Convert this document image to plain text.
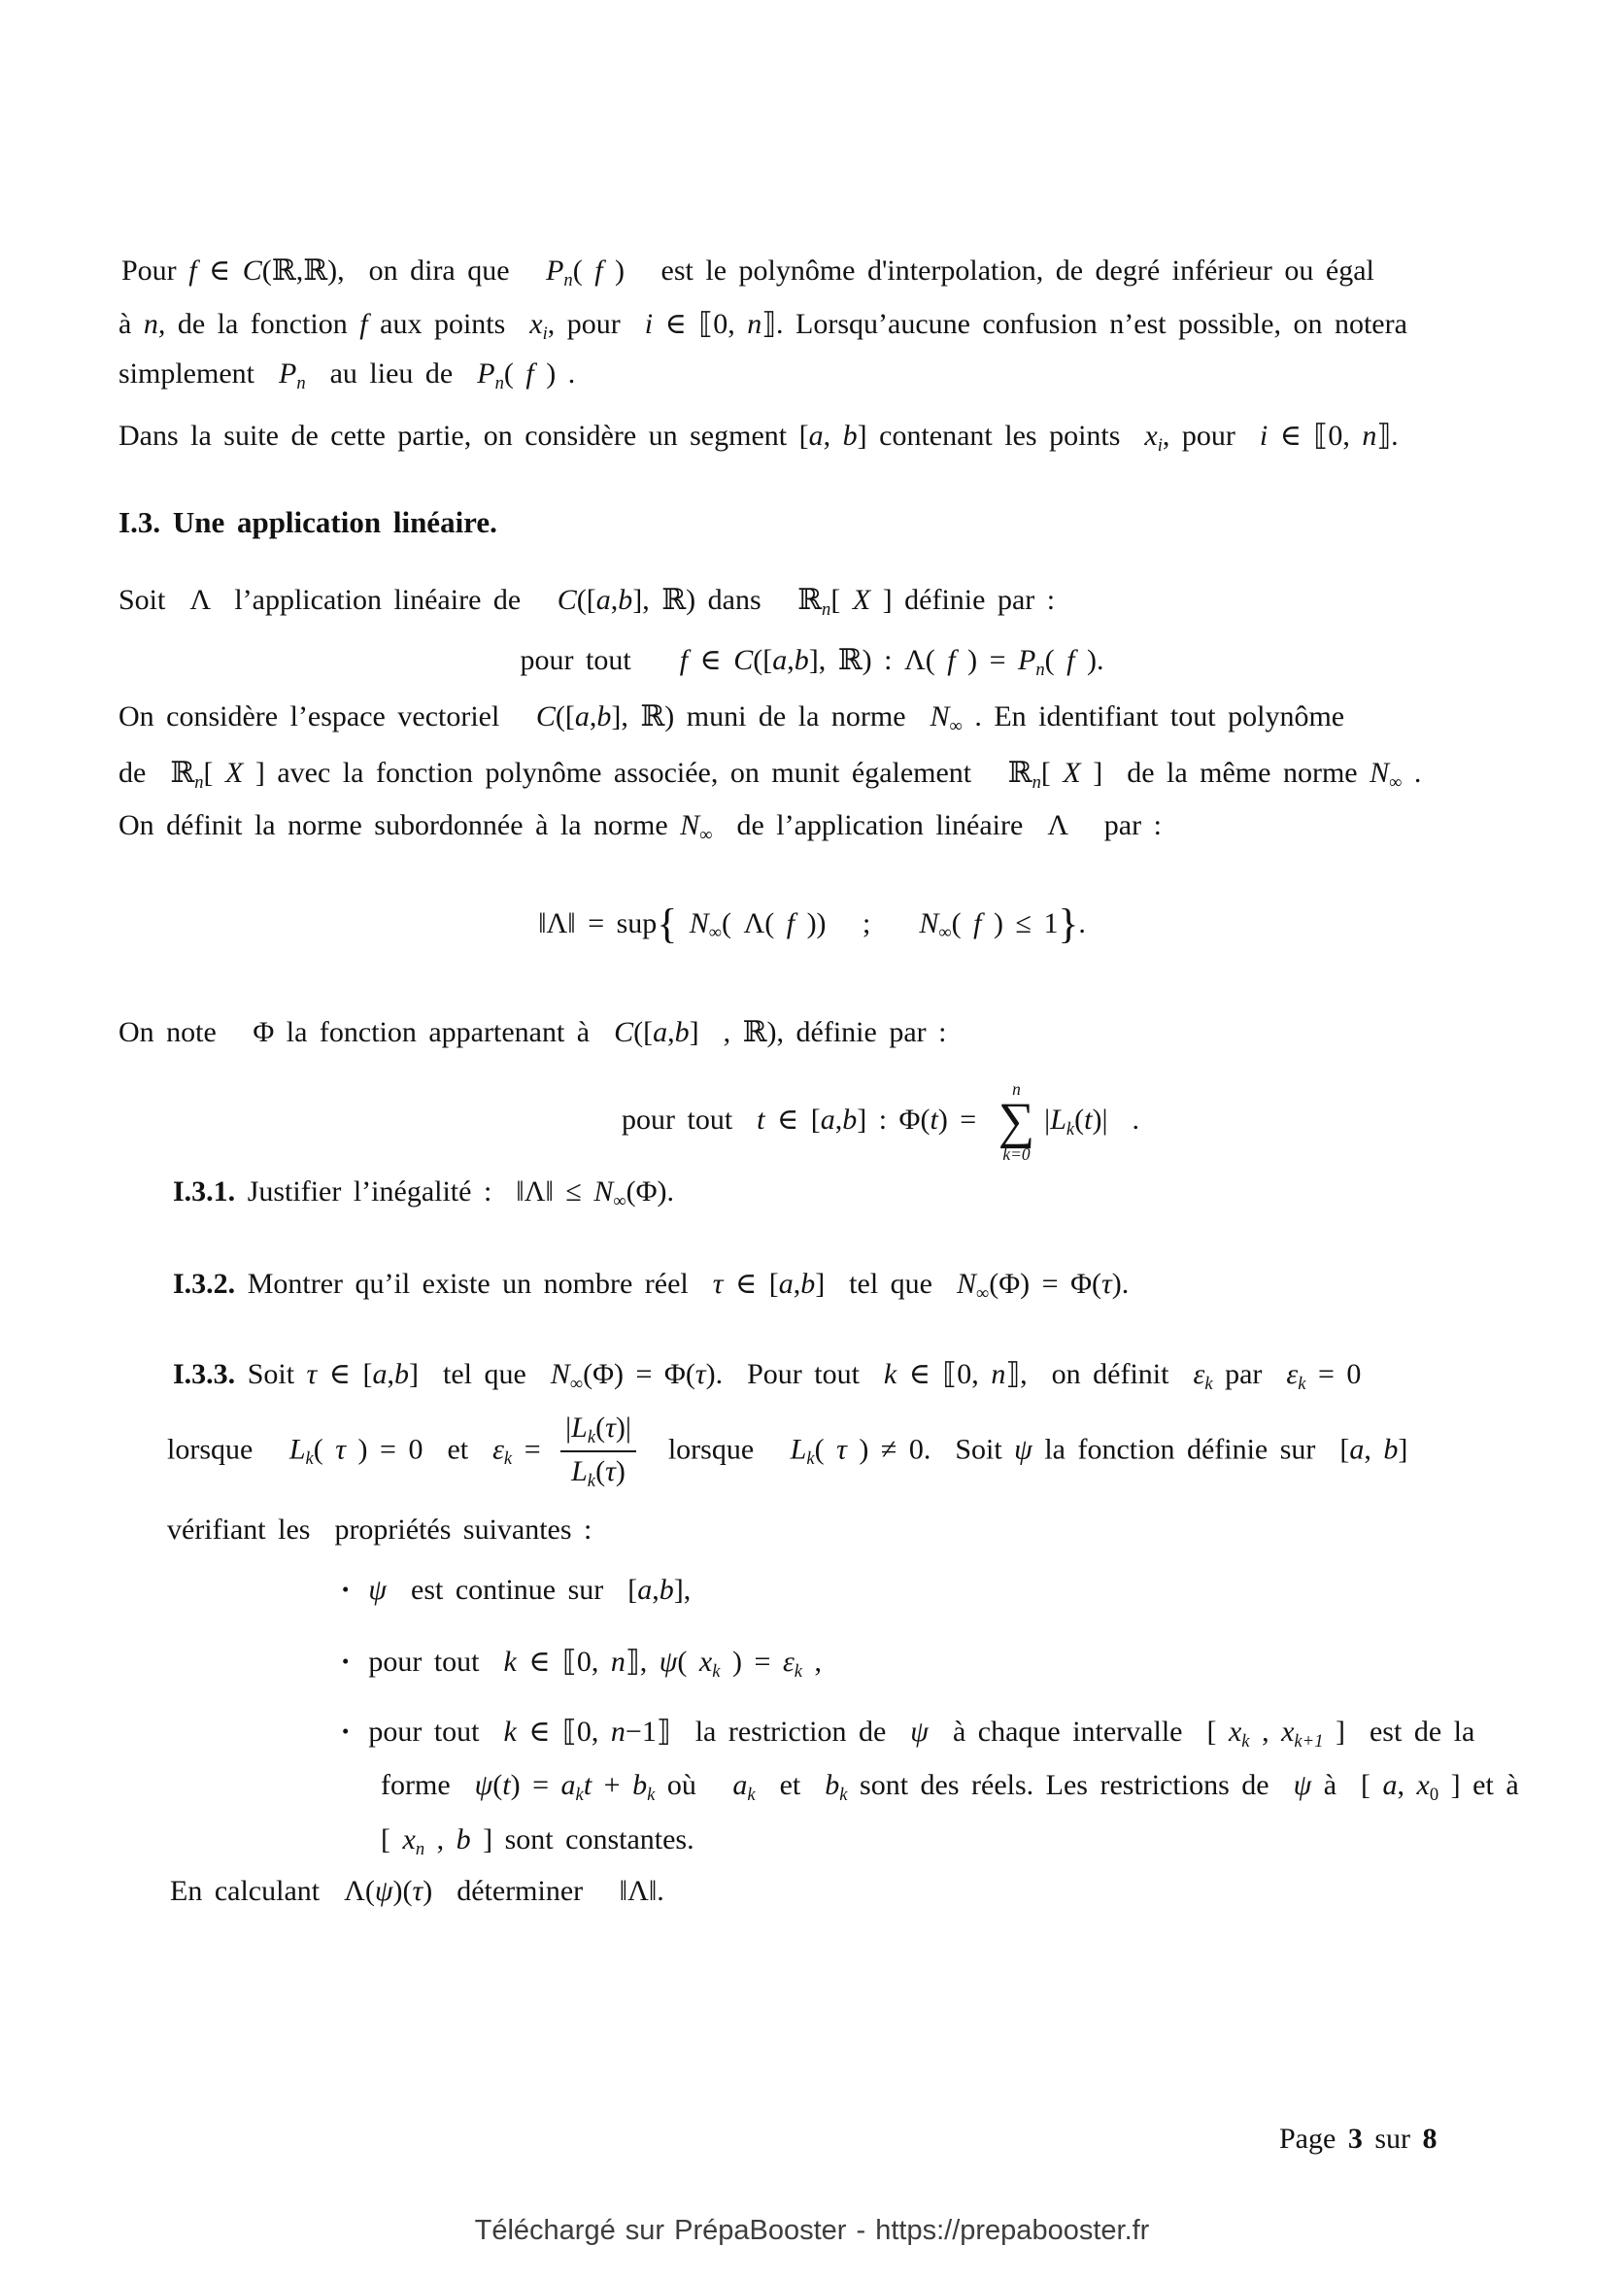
Pour f ∈ C(ℝ,ℝ),  on dira que   $P_n$( f )   est le polynôme d'interpolation, de degré inférieur ou égal
à n, de la fonction f aux points  $x_i$, pour  i ∈ ⟦0, n⟧. Lorsqu’aucune confusion n’est possible, on notera
simplement  $P_n$  au lieu de  $P_n$( f ) .
Dans la suite de cette partie, on considère un segment [a, b] contenant les points  $x_i$, pour  i ∈ ⟦0, n⟧.
I.3. Une application linéaire.
Soit  Λ  l’application linéaire de   C([a,b], ℝ) dans   ℝ$_n$[ X ] définie par :
pour tout    f ∈ C([a,b], ℝ) : Λ( f ) = $P_n$( f ).
On considère l’espace vectoriel   C([a,b], ℝ) muni de la norme  $N_\infty$ . En identifiant tout polynôme
de  ℝ$_n$[ X ] avec la fonction polynôme associée, on munit également   ℝ$_n$[ X ]  de la même norme $N_\infty$ .
On définit la norme subordonnée à la norme $N_\infty$  de l’application linéaire  Λ   par :
‖Λ‖ = sup{ $N_\infty$( Λ( f ))   ;    $N_\infty$( f ) ≤ 1}.
On note   Φ la fonction appartenant à  C([a,b]  , ℝ), définie par :
pour tout  t ∈ [a,b] : Φ(t) =
n
∑
k=0
$|L_k(t)|$  .
I.3.1. Justifier l’inégalité :  ‖Λ‖ ≤ $N_\infty(\Phi)$.
I.3.2. Montrer qu’il existe un nombre réel  τ ∈ [a,b]  tel que  $N_\infty(\Phi) = \Phi(\tau)$.
I.3.3. Soit τ ∈ [a,b]  tel que  $N_\infty(\Phi) = \Phi(\tau)$.  Pour tout  k ∈ ⟦0, n⟧,  on définit  $\varepsilon_k$ par  $\varepsilon_k = 0$
lorsque   $L_k$( τ ) = 0  et  $\varepsilon_k = \frac{|L_k(\tau)|}{L_k(\tau)}$ lorsque   $L_k$( τ ) ≠ 0.  Soit ψ la fonction définie sur  [a, b]
vérifiant les  propriétés suivantes :
• ψ  est continue sur  [a,b],
• pour tout  k ∈ ⟦0, n⟧, ψ( $x_k$ ) = $\varepsilon_k$ ,
• pour tout  k ∈ ⟦0, n−1⟧  la restriction de  ψ  à chaque intervalle  [ $x_k$ , $x_{k+1}$ ]  est de la
forme  $\psi(t) = a_kt + b_k$ où   $a_k$  et  $b_k$ sont des réels. Les restrictions de  ψ à  [ a, $x_0$ ] et à
[ $x_n$ , b ] sont constantes.
En calculant  Λ(ψ)(τ)  déterminer   ‖Λ‖.
Page 3 sur 8
Téléchargé sur PrépaBooster - https://prepabooster.fr
